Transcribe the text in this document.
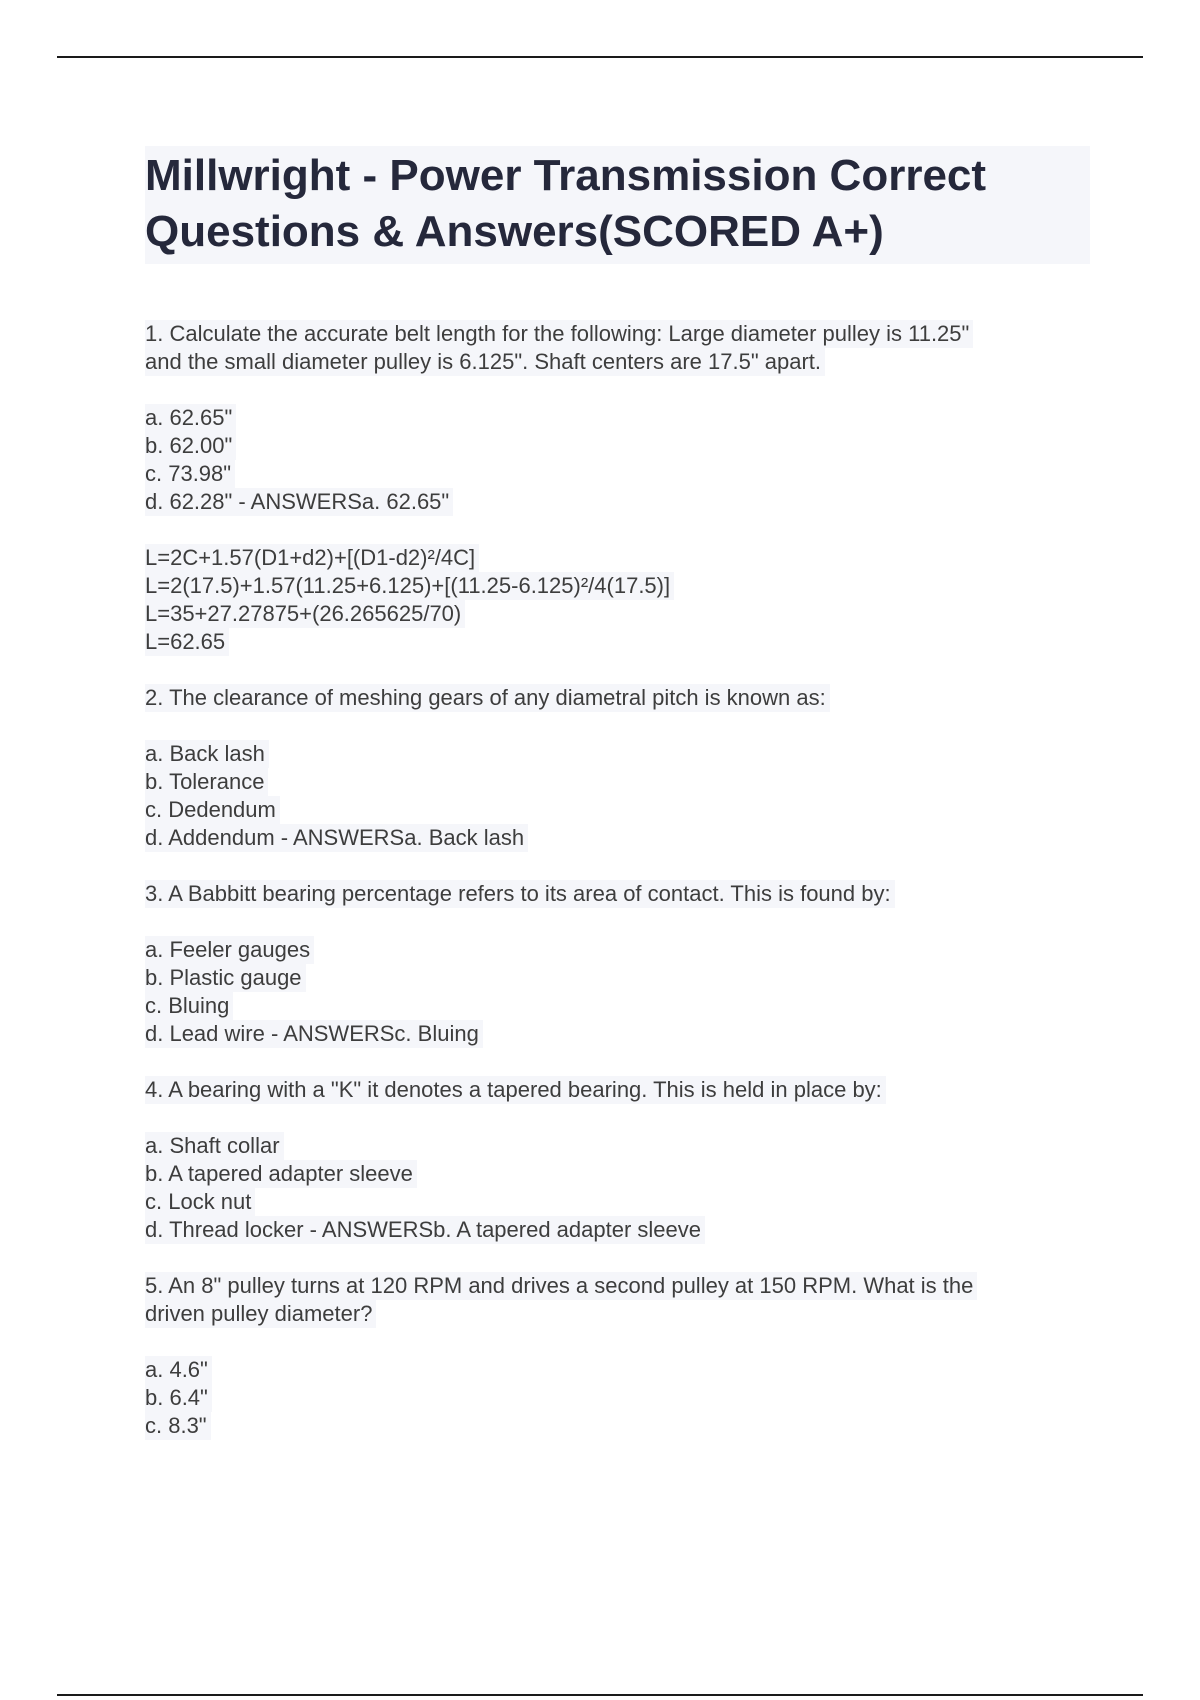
Millwright - Power Transmission Correct
Questions & Answers(SCORED A+)
1. Calculate the accurate belt length for the following: Large diameter pulley is 11.25"
and the small diameter pulley is 6.125". Shaft centers are 17.5" apart.
a. 62.65"
b. 62.00"
c. 73.98"
d. 62.28" - ANSWERSa. 62.65"
L=2C+1.57(D1+d2)+[(D1-d2)²/4C]
L=2(17.5)+1.57(11.25+6.125)+[(11.25-6.125)²/4(17.5)]
L=35+27.27875+(26.265625/70)
L=62.65
2. The clearance of meshing gears of any diametral pitch is known as:
a. Back lash
b. Tolerance
c. Dedendum
d. Addendum - ANSWERSa. Back lash
3. A Babbitt bearing percentage refers to its area of contact. This is found by:
a. Feeler gauges
b. Plastic gauge
c. Bluing
d. Lead wire - ANSWERSc. Bluing
4. A bearing with a "K" it denotes a tapered bearing. This is held in place by:
a. Shaft collar
b. A tapered adapter sleeve
c. Lock nut
d. Thread locker - ANSWERSb. A tapered adapter sleeve
5. An 8" pulley turns at 120 RPM and drives a second pulley at 150 RPM. What is the
driven pulley diameter?
a. 4.6"
b. 6.4"
c. 8.3"
